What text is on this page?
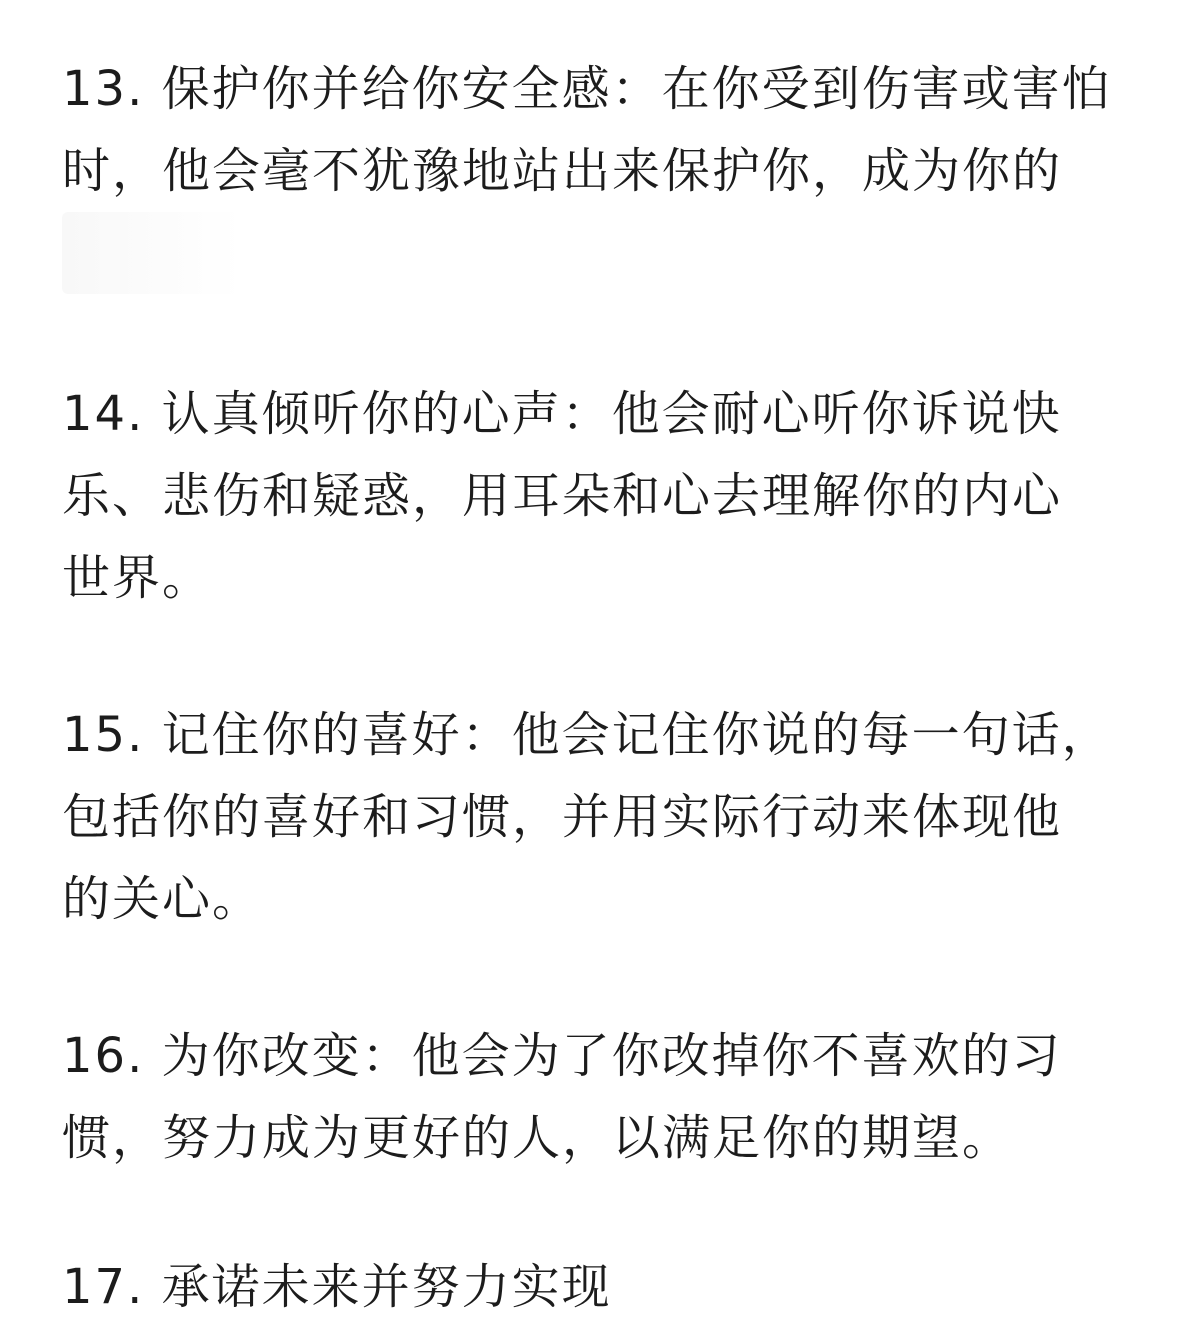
13. 保护你并给你安全感：在你受到伤害或害怕
时，他会毫不犹豫地站出来保护你，成为你的
14. 认真倾听你的心声：他会耐心听你诉说快
乐、悲伤和疑惑，用耳朵和心去理解你的内心
世界。
15. 记住你的喜好：他会记住你说的每一句话，
包括你的喜好和习惯，并用实际行动来体现他
的关心。
16. 为你改变：他会为了你改掉你不喜欢的习
惯，努力成为更好的人，以满足你的期望。
17. 承诺未来并努力实现
